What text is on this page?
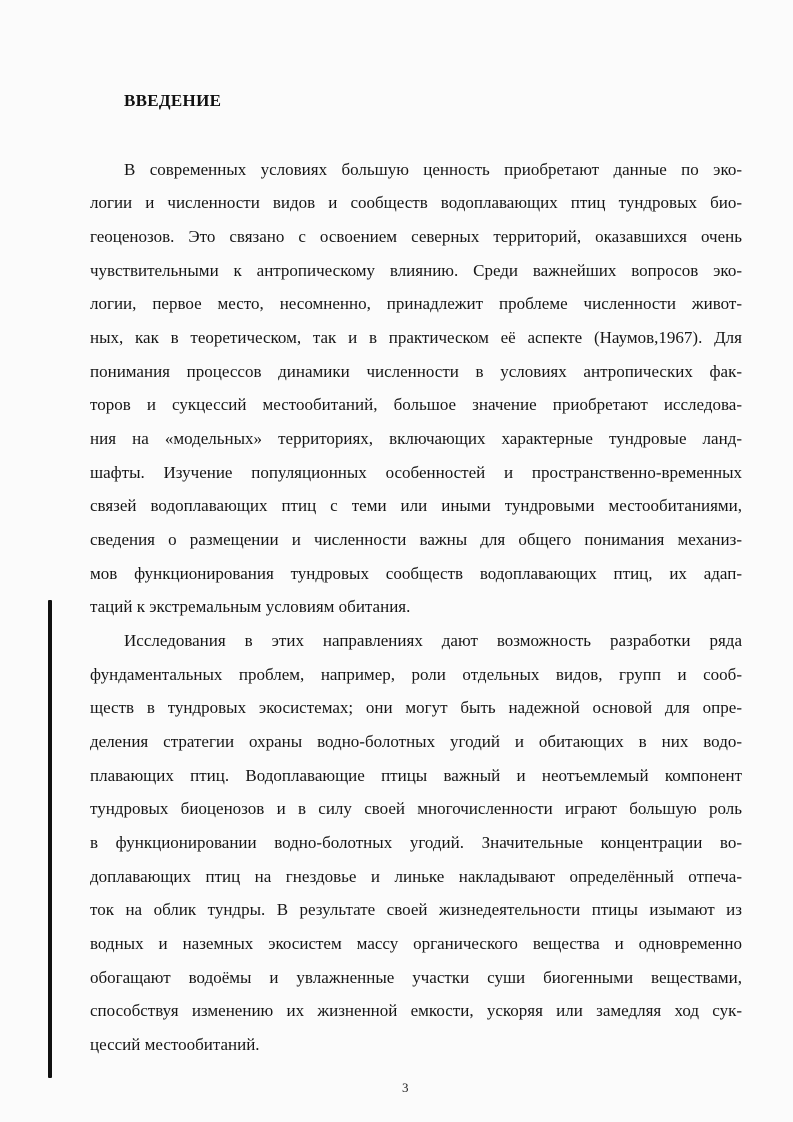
ВВЕДЕНИЕ
В современных условиях большую ценность приобретают данные по эко-
логии и численности видов и сообществ водоплавающих птиц тундровых био-
геоценозов. Это связано с освоением северных территорий, оказавшихся очень
чувствительными к антропическому влиянию. Среди важнейших вопросов эко-
логии, первое место, несомненно, принадлежит проблеме численности живот-
ных, как в теоретическом, так и в практическом её аспекте (Наумов,1967). Для
понимания процессов динамики численности в условиях антропических фак-
торов и сукцессий местообитаний, большое значение приобретают исследова-
ния на «модельных» территориях, включающих характерные тундровые ланд-
шафты. Изучение популяционных особенностей и пространственно-временных
связей водоплавающих птиц с теми или иными тундровыми местообитаниями,
сведения о размещении и численности важны для общего понимания механиз-
мов функционирования тундровых сообществ водоплавающих птиц, их адап-
таций к экстремальным условиям обитания.
Исследования в этих направлениях дают возможность разработки ряда
фундаментальных проблем, например, роли отдельных видов, групп и сооб-
ществ в тундровых экосистемах; они могут быть надежной основой для опре-
деления стратегии охраны водно-болотных угодий и обитающих в них водо-
плавающих птиц. Водоплавающие птицы важный и неотъемлемый компонент
тундровых биоценозов и в силу своей многочисленности играют большую роль
в функционировании водно-болотных угодий. Значительные концентрации во-
доплавающих птиц на гнездовье и линьке накладывают определённый отпеча-
ток на облик тундры. В результате своей жизнедеятельности птицы изымают из
водных и наземных экосистем массу органического вещества и одновременно
обогащают водоёмы и увлажненные участки суши биогенными веществами,
способствуя изменению их жизненной емкости, ускоряя или замедляя ход сук-
цессий местообитаний.
3
